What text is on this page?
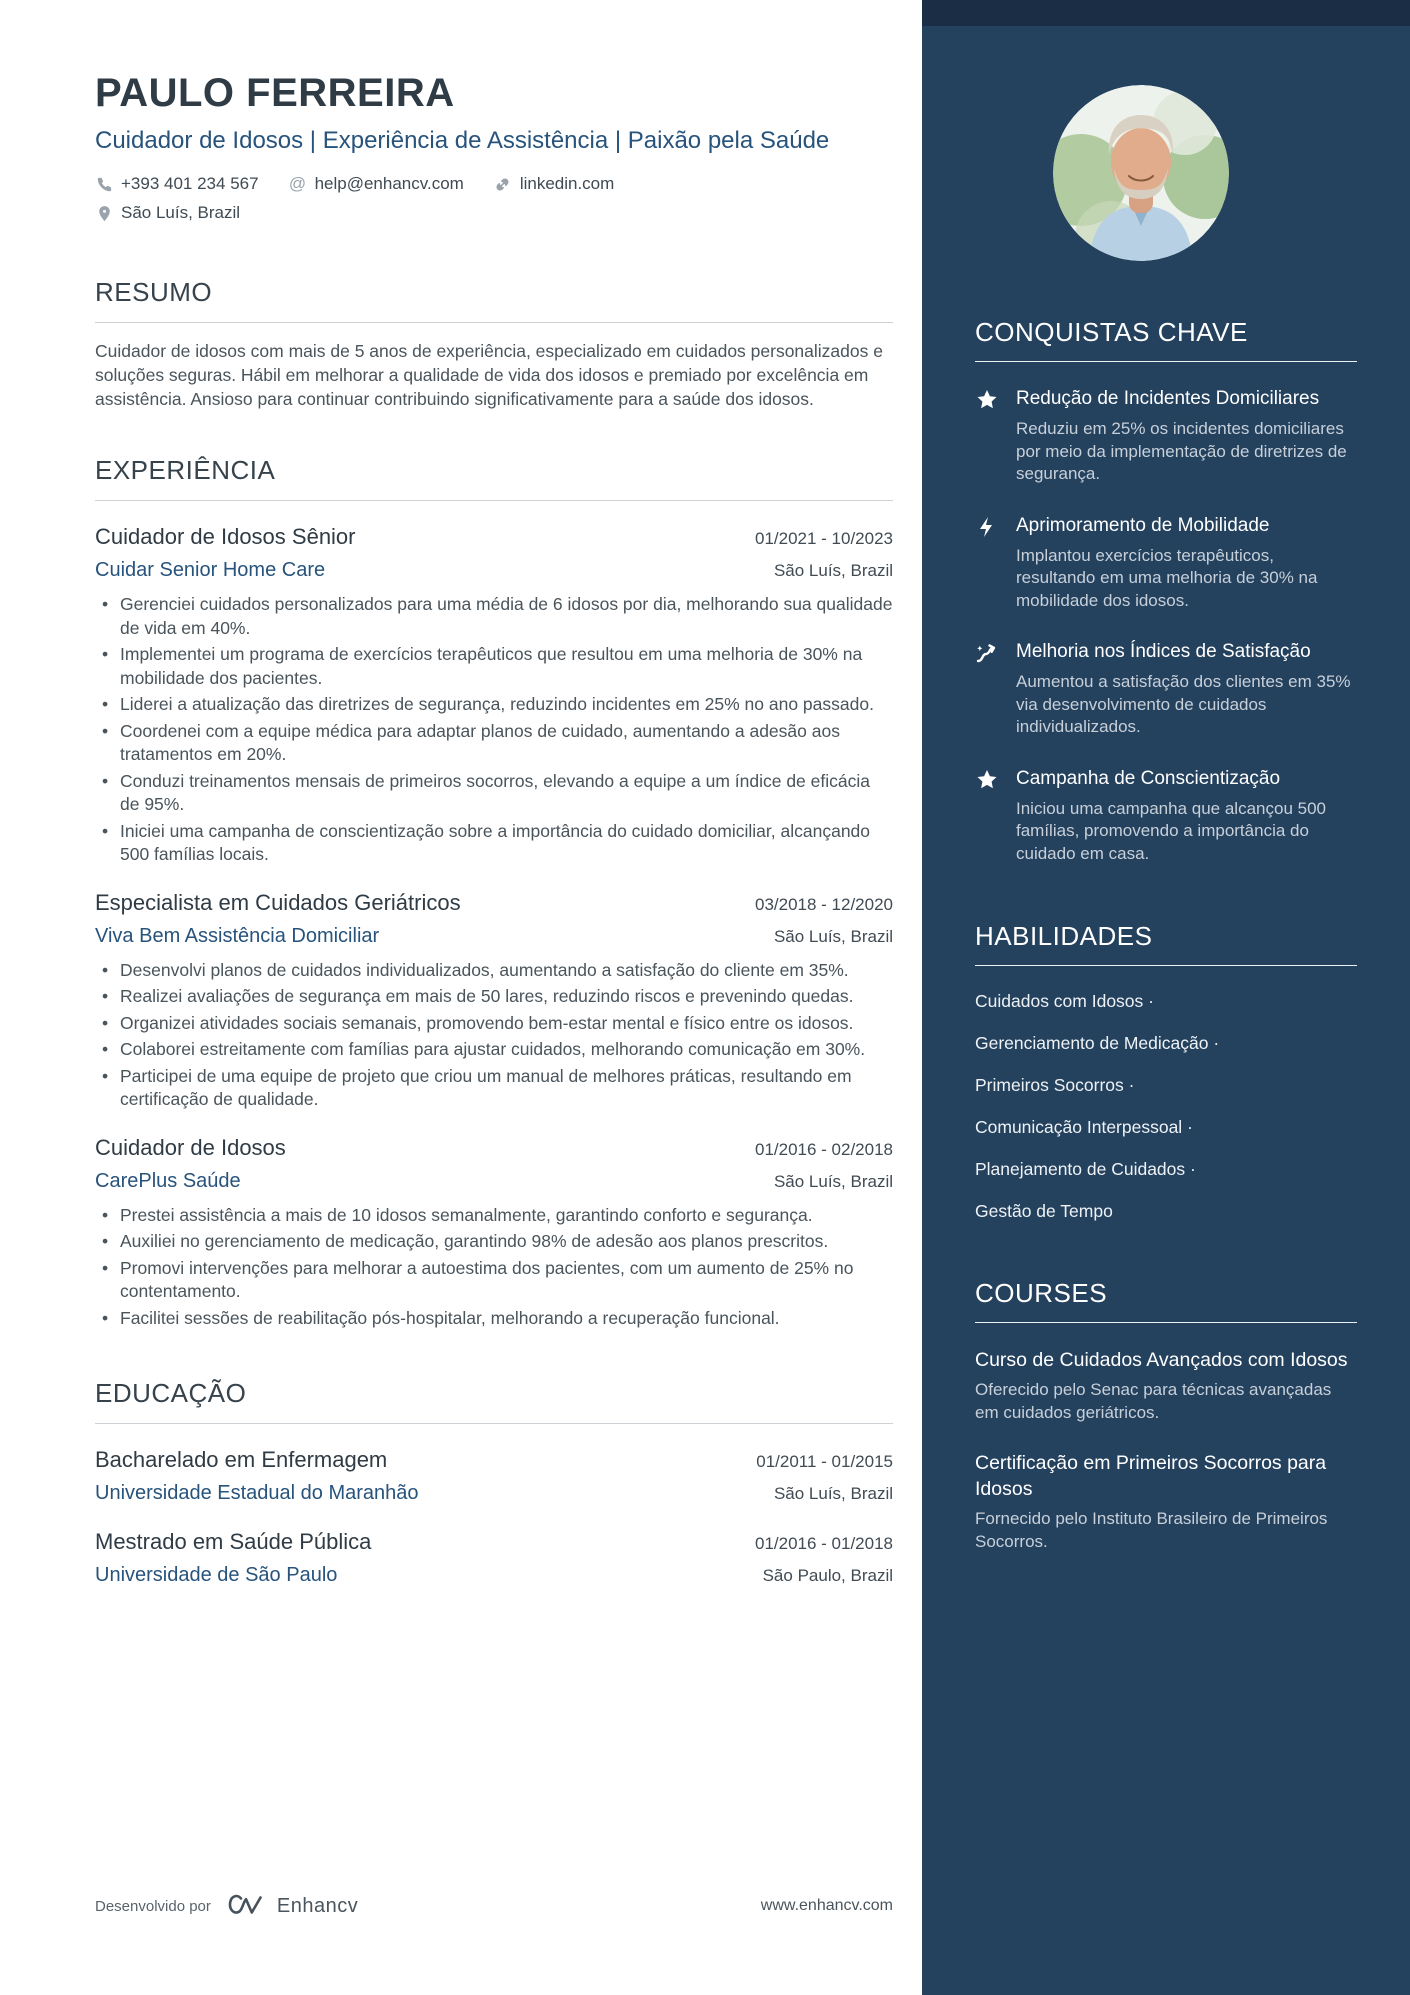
PAULO FERREIRA

Cuidador de Idosos | Experiência de Assistência | Paixão pela Saúde

+393 401 234 567 @ help@enhancv.com	linkedin.com
São Luís, Brazil
RESUMO

Cuidador de idosos com mais de 5 anos de experiência, especializado em cuidados personalizados e soluções seguras. Hábil em melhorar a qualidade de vida dos idosos e premiado por excelência em assistência. Ansioso para continuar contribuindo significativamente para a saúde dos idosos.

EXPERIÊNCIA
Cuidador de Idosos Sênior	01/2021 - 10/2023
Cuidar Senior Home Care	São Luís, Brazil
• Gerenciei cuidados personalizados para uma média de 6 idosos por dia, melhorando sua qualidade de vida em 40%.
• Implementei um programa de exercícios terapêuticos que resultou em uma melhoria de 30% na mobilidade dos pacientes.
• Liderei a atualização das diretrizes de segurança, reduzindo incidentes em 25% no ano passado.
• Coordenei com a equipe médica para adaptar planos de cuidado, aumentando a adesão aos tratamentos em 20%.
• Conduzi treinamentos mensais de primeiros socorros, elevando a equipe a um índice de eficácia de 95%.
• Iniciei uma campanha de conscientização sobre a importância do cuidado domiciliar, alcançando 500 famílias locais.
Especialista em Cuidados Geriátricos	03/2018 - 12/2020
Viva Bem Assistência Domiciliar	São Luís, Brazil
• Desenvolvi planos de cuidados individualizados, aumentando a satisfação do cliente em 35%.
• Realizei avaliações de segurança em mais de 50 lares, reduzindo riscos e prevenindo quedas.
• Organizei atividades sociais semanais, promovendo bem-estar mental e físico entre os idosos.
• Colaborei estreitamente com famílias para ajustar cuidados, melhorando comunicação em 30%.
• Participei de uma equipe de projeto que criou um manual de melhores práticas, resultando em certificação de qualidade.
Cuidador de Idosos	01/2016 - 02/2018
CarePlus Saúde	São Luís, Brazil
• Prestei assistência a mais de 10 idosos semanalmente, garantindo conforto e segurança.
• Auxiliei no gerenciamento de medicação, garantindo 98% de adesão aos planos prescritos.
• Promovi intervenções para melhorar a autoestima dos pacientes, com um aumento de 25% no contentamento.
• Facilitei sessões de reabilitação pós-hospitalar, melhorando a recuperação funcional.
EDUCAÇÃO
Bacharelado em Enfermagem	01/2011 - 01/2015
Universidade Estadual do Maranhão	São Luís, Brazil
Mestrado em Saúde Pública	01/2016 - 01/2018
Universidade de São Paulo	São Paulo, Brazil
CONQUISTAS CHAVE
Redução de Incidentes Domiciliares

Reduziu em 25% os incidentes domiciliares por meio da implementação de diretrizes de segurança.

Aprimoramento de Mobilidade

Implantou exercícios terapêuticos, resultando em uma melhoria de 30% na mobilidade dos idosos.

Melhoria nos Índices de Satisfação

Aumentou a satisfação dos clientes em 35% via desenvolvimento de cuidados individualizados.

Campanha de Conscientização

Iniciou uma campanha que alcançou 500 famílias, promovendo a importância do cuidado em casa.

HABILIDADES
Cuidados com Idosos ·
Gerenciamento de Medicação ·
Primeiros Socorros ·
Comunicação Interpessoal ·
Planejamento de Cuidados ·
Gestão de Tempo
COURSES
Curso de Cuidados Avançados com Idosos

Oferecido pelo Senac para técnicas avançadas em cuidados geriátricos.

Certificação em Primeiros Socorros para Idosos

Fornecido pelo Instituto Brasileiro de Primeiros Socorros.

Desenvolvido por	Enhancv	www.enhancv.com
